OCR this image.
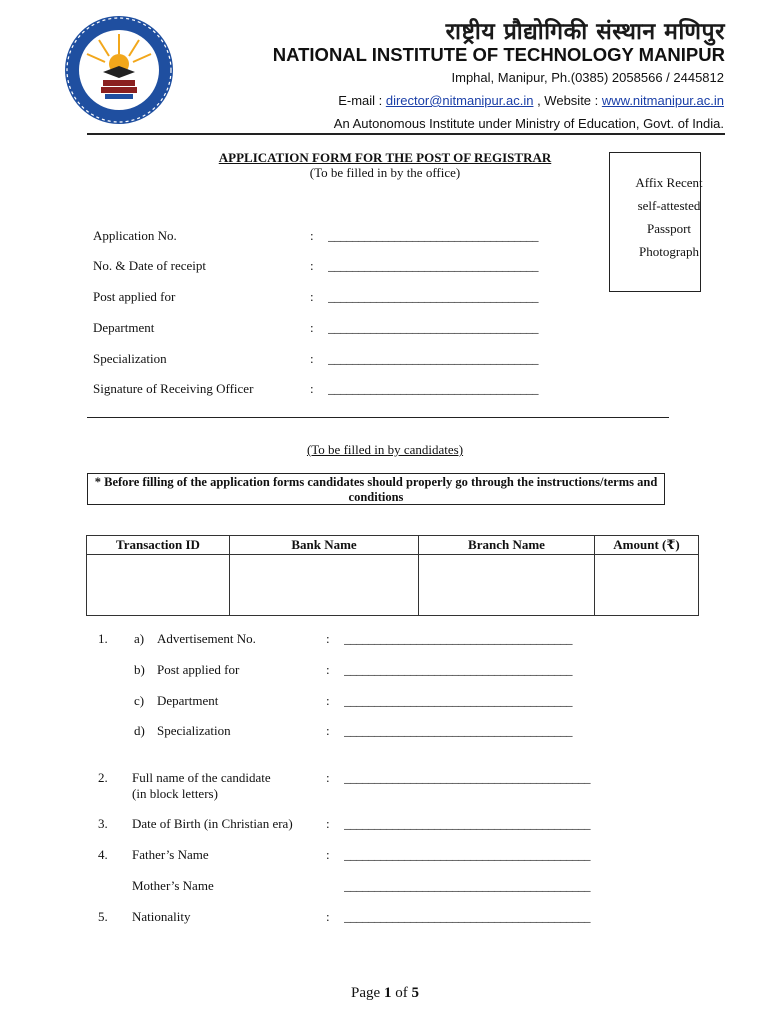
राष्ट्रीय प्रौद्योगिकी संस्थान मणिपुर
NATIONAL INSTITUTE OF TECHNOLOGY MANIPUR
Imphal, Manipur, Ph.(0385) 2058566 / 2445812
E-mail : director@nitmanipur.ac.in , Website : www.nitmanipur.ac.in
An Autonomous Institute under Ministry of Education, Govt. of India.
APPLICATION FORM FOR THE POST OF REGISTRAR
(To be filled in by the office)
Affix Recent
self-attested
Passport
Photograph
Application No.	: ___________________________________
No. & Date of receipt	: ___________________________________
Post applied for	: ___________________________________
Department	: ___________________________________
Specialization	: ___________________________________
Signature of Receiving Officer	: ___________________________________
(To be filled in by candidates)
* Before filling of the application forms candidates should properly go through the instructions/terms and conditions
Transaction ID	Bank Name	Branch Name	Amount (₹)

1. a) Advertisement No.	: ______________________________________
b) Post applied for	: ______________________________________
c) Department	: ______________________________________
d) Specialization	: ______________________________________
2. Full name of the candidate
(in block letters)
: _________________________________________
3. Date of Birth (in Christian era)	: _________________________________________
4. Father’s Name	: _________________________________________
Mother’s Name	_________________________________________
5. Nationality	: _________________________________________
Page 1 of 5
